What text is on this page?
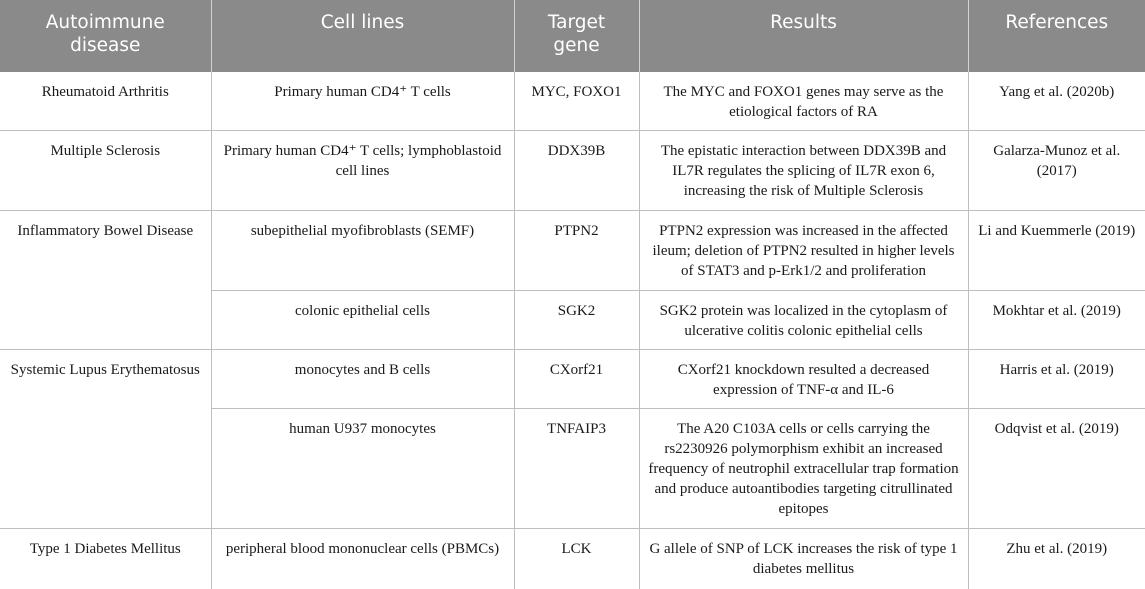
Autoimmune disease	Cell lines	Target gene	Results	References

Rheumatoid Arthritis	Primary human CD4⁺ T cells	MYC, FOXO1	The MYC and FOXO1 genes may serve as the etiological factors of RA	Yang et al. (2020b)
Multiple Sclerosis	Primary human CD4⁺ T cells; lymphoblastoid cell lines	DDX39B	The epistatic interaction between DDX39B and IL7R regulates the splicing of IL7R exon 6, increasing the risk of Multiple Sclerosis	Galarza-Munoz et al. (2017)
Inflammatory Bowel Disease	subepithelial myofibroblasts (SEMF)	PTPN2	PTPN2 expression was increased in the affected ileum; deletion of PTPN2 resulted in higher levels of STAT3 and p-Erk1/2 and proliferation	Li and Kuemmerle (2019)
	colonic epithelial cells	SGK2	SGK2 protein was localized in the cytoplasm of ulcerative colitis colonic epithelial cells	Mokhtar et al. (2019)
Systemic Lupus Erythematosus	monocytes and B cells	CXorf21	CXorf21 knockdown resulted a decreased expression of TNF-α and IL-6	Harris et al. (2019)
	human U937 monocytes	TNFAIP3	The A20 C103A cells or cells carrying the rs2230926 polymorphism exhibit an increased frequency of neutrophil extracellular trap formation and produce autoantibodies targeting citrullinated epitopes	Odqvist et al. (2019)
Type 1 Diabetes Mellitus	peripheral blood mononuclear cells (PBMCs)	LCK	G allele of SNP of LCK increases the risk of type 1 diabetes mellitus	Zhu et al. (2019)
